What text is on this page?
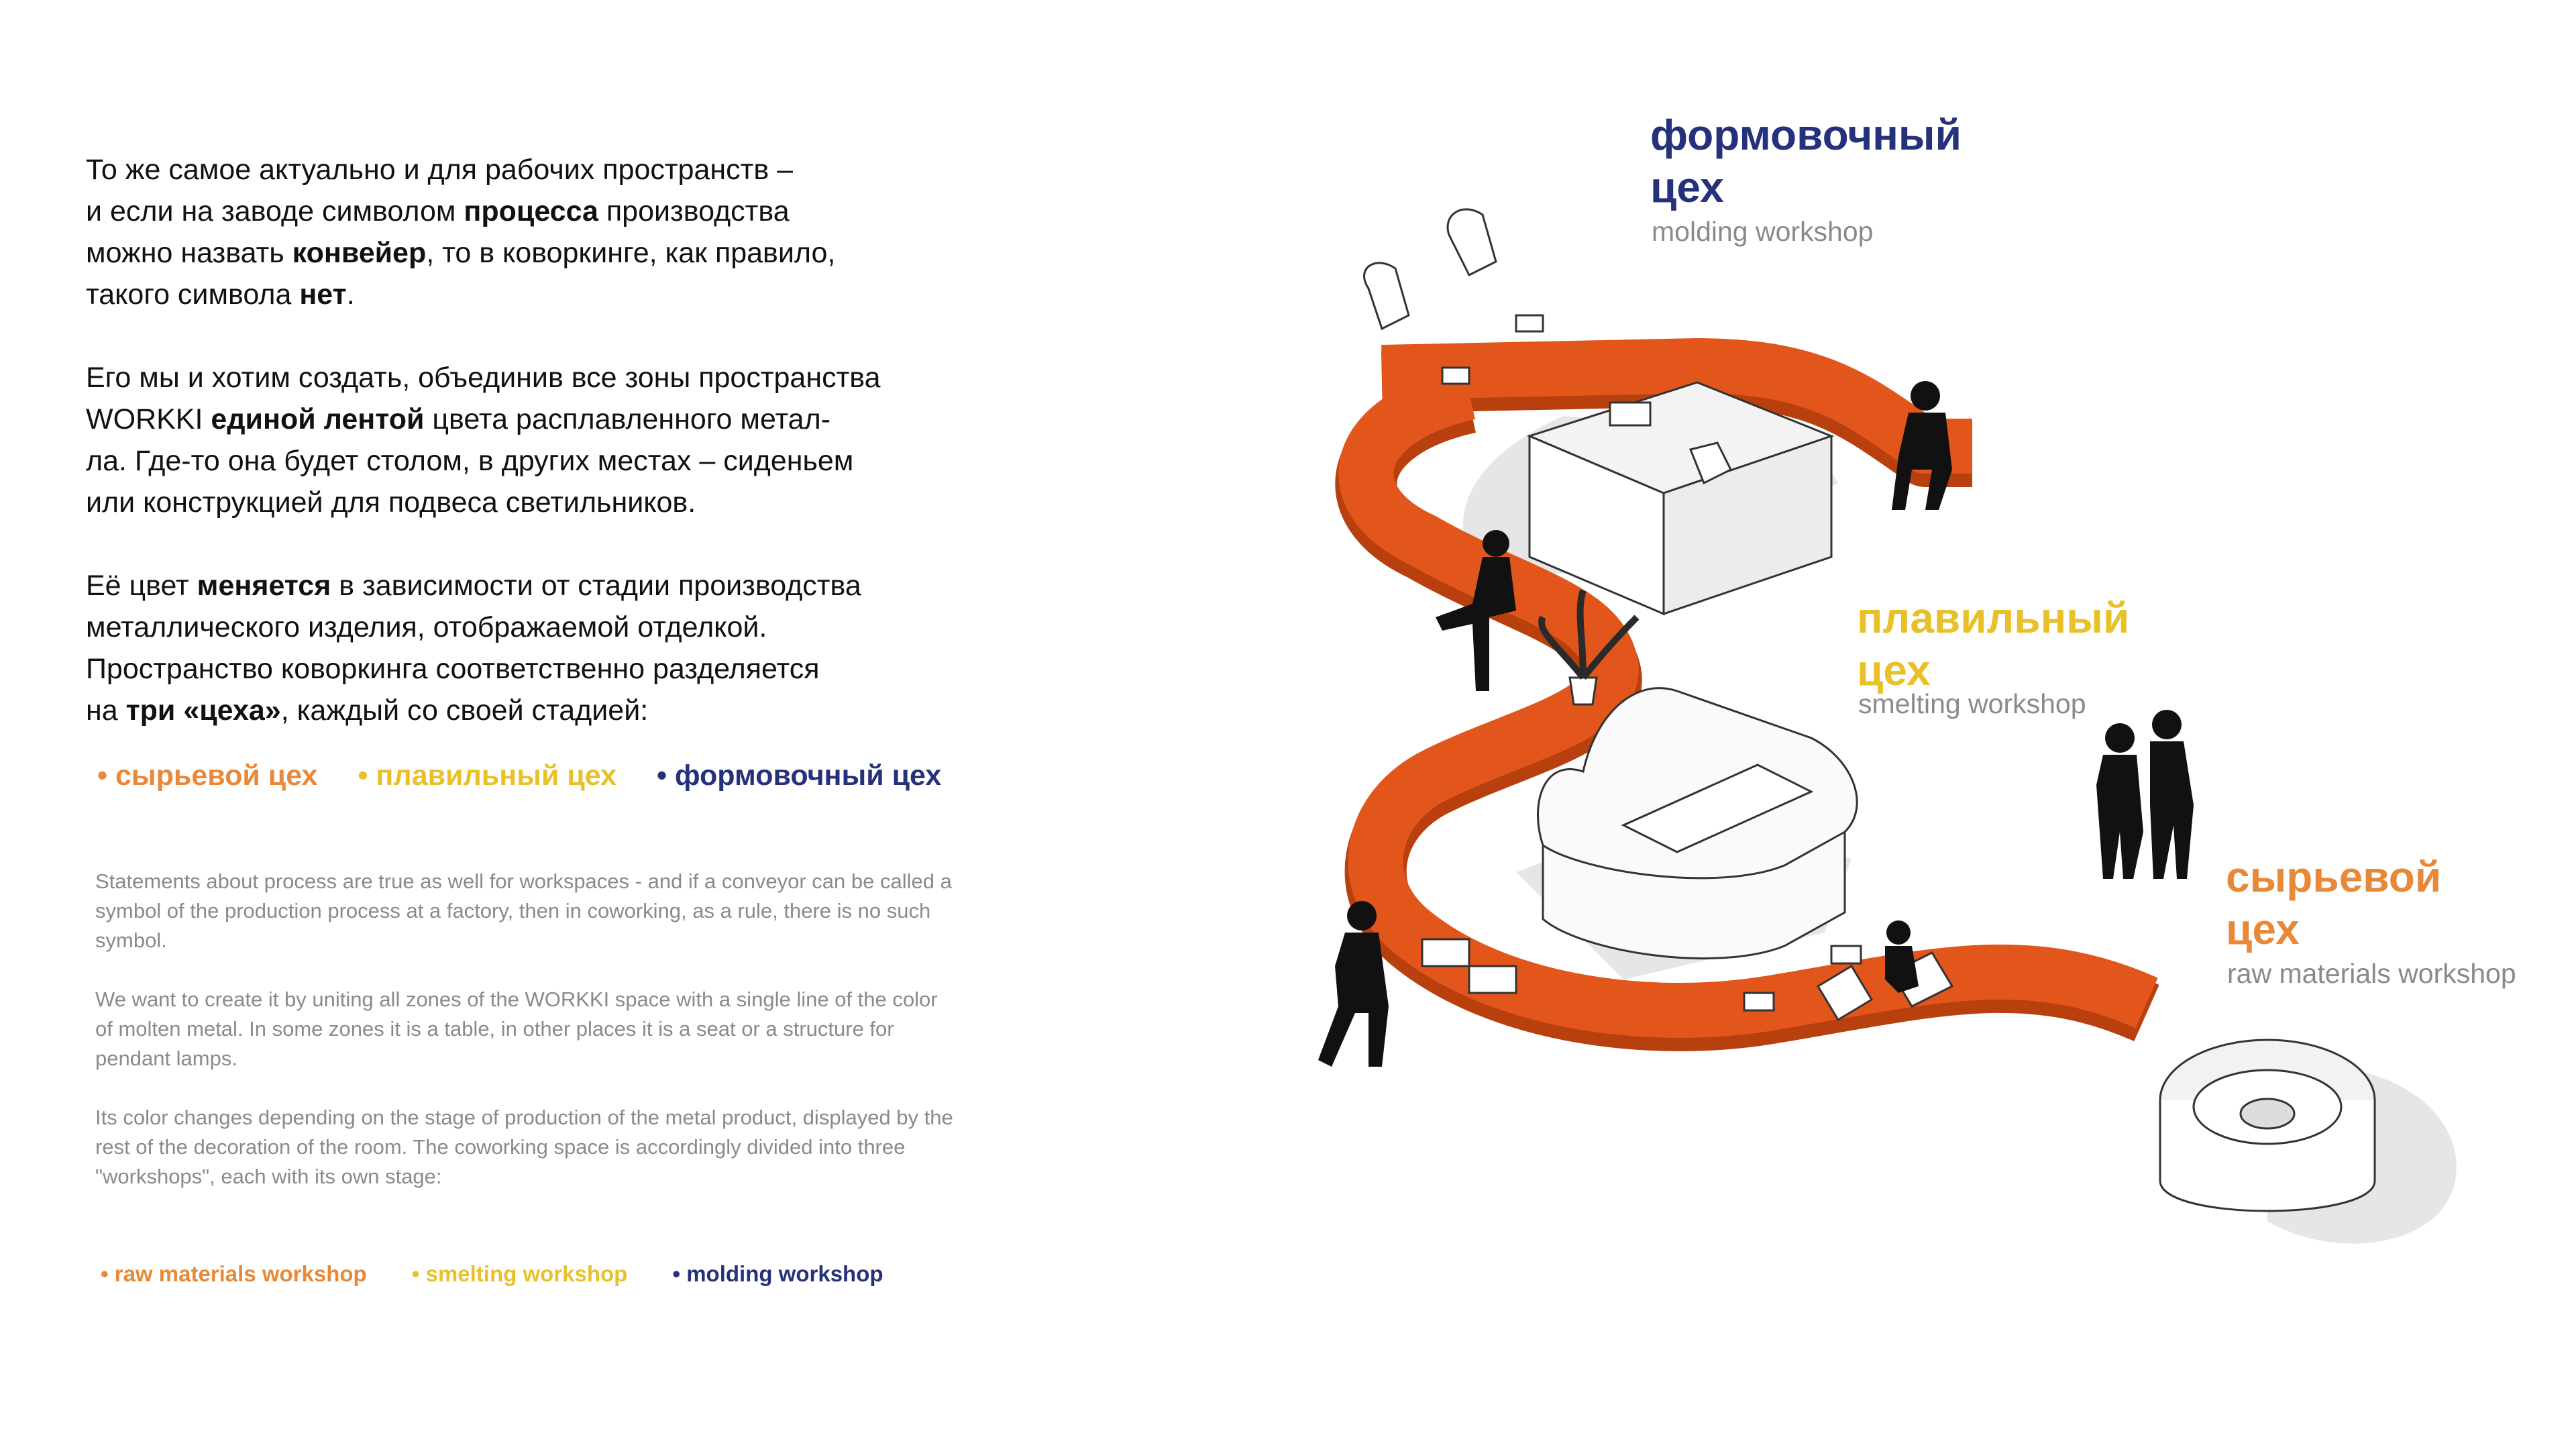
То же самое актуально и для рабочих пространств –
и если на заводе символом процесса производства
можно назвать конвейер, то в коворкинге, как правило,
такого символа нет.

Его мы и хотим создать, объединив все зоны пространства
WORKKI единой лентой цвета расплавленного метал-
ла. Где-то она будет столом, в других местах – сиденьем
или конструкцией для подвеса светильников.

Её цвет меняется в зависимости от стадии производства
металлического изделия, отображаемой отделкой.
Пространство коворкинга соответственно разделяется
на три «цеха», каждый со своей стадией:

• сырьевой цех • плавильный цех • формовочный цех

Statements about process are true as well for workspaces - and if a conveyor can be called a symbol of the production process at a factory, then in coworking, as a rule, there is no such symbol.

We want to create it by uniting all zones of the WORKKI space with a single line of the color of molten metal. In some zones it is a table, in other places it is a seat or a structure for pendant lamps.

Its color changes depending on the stage of production of the metal product, displayed by the rest of the decoration of the room. The coworking space is accordingly divided into three "workshops", each with its own stage:

• raw materials workshop • smelting workshop • molding workshop
формовочный
цех
molding workshop
плавильный
цех
smelting workshop
сырьевой
цех
raw materials workshop
